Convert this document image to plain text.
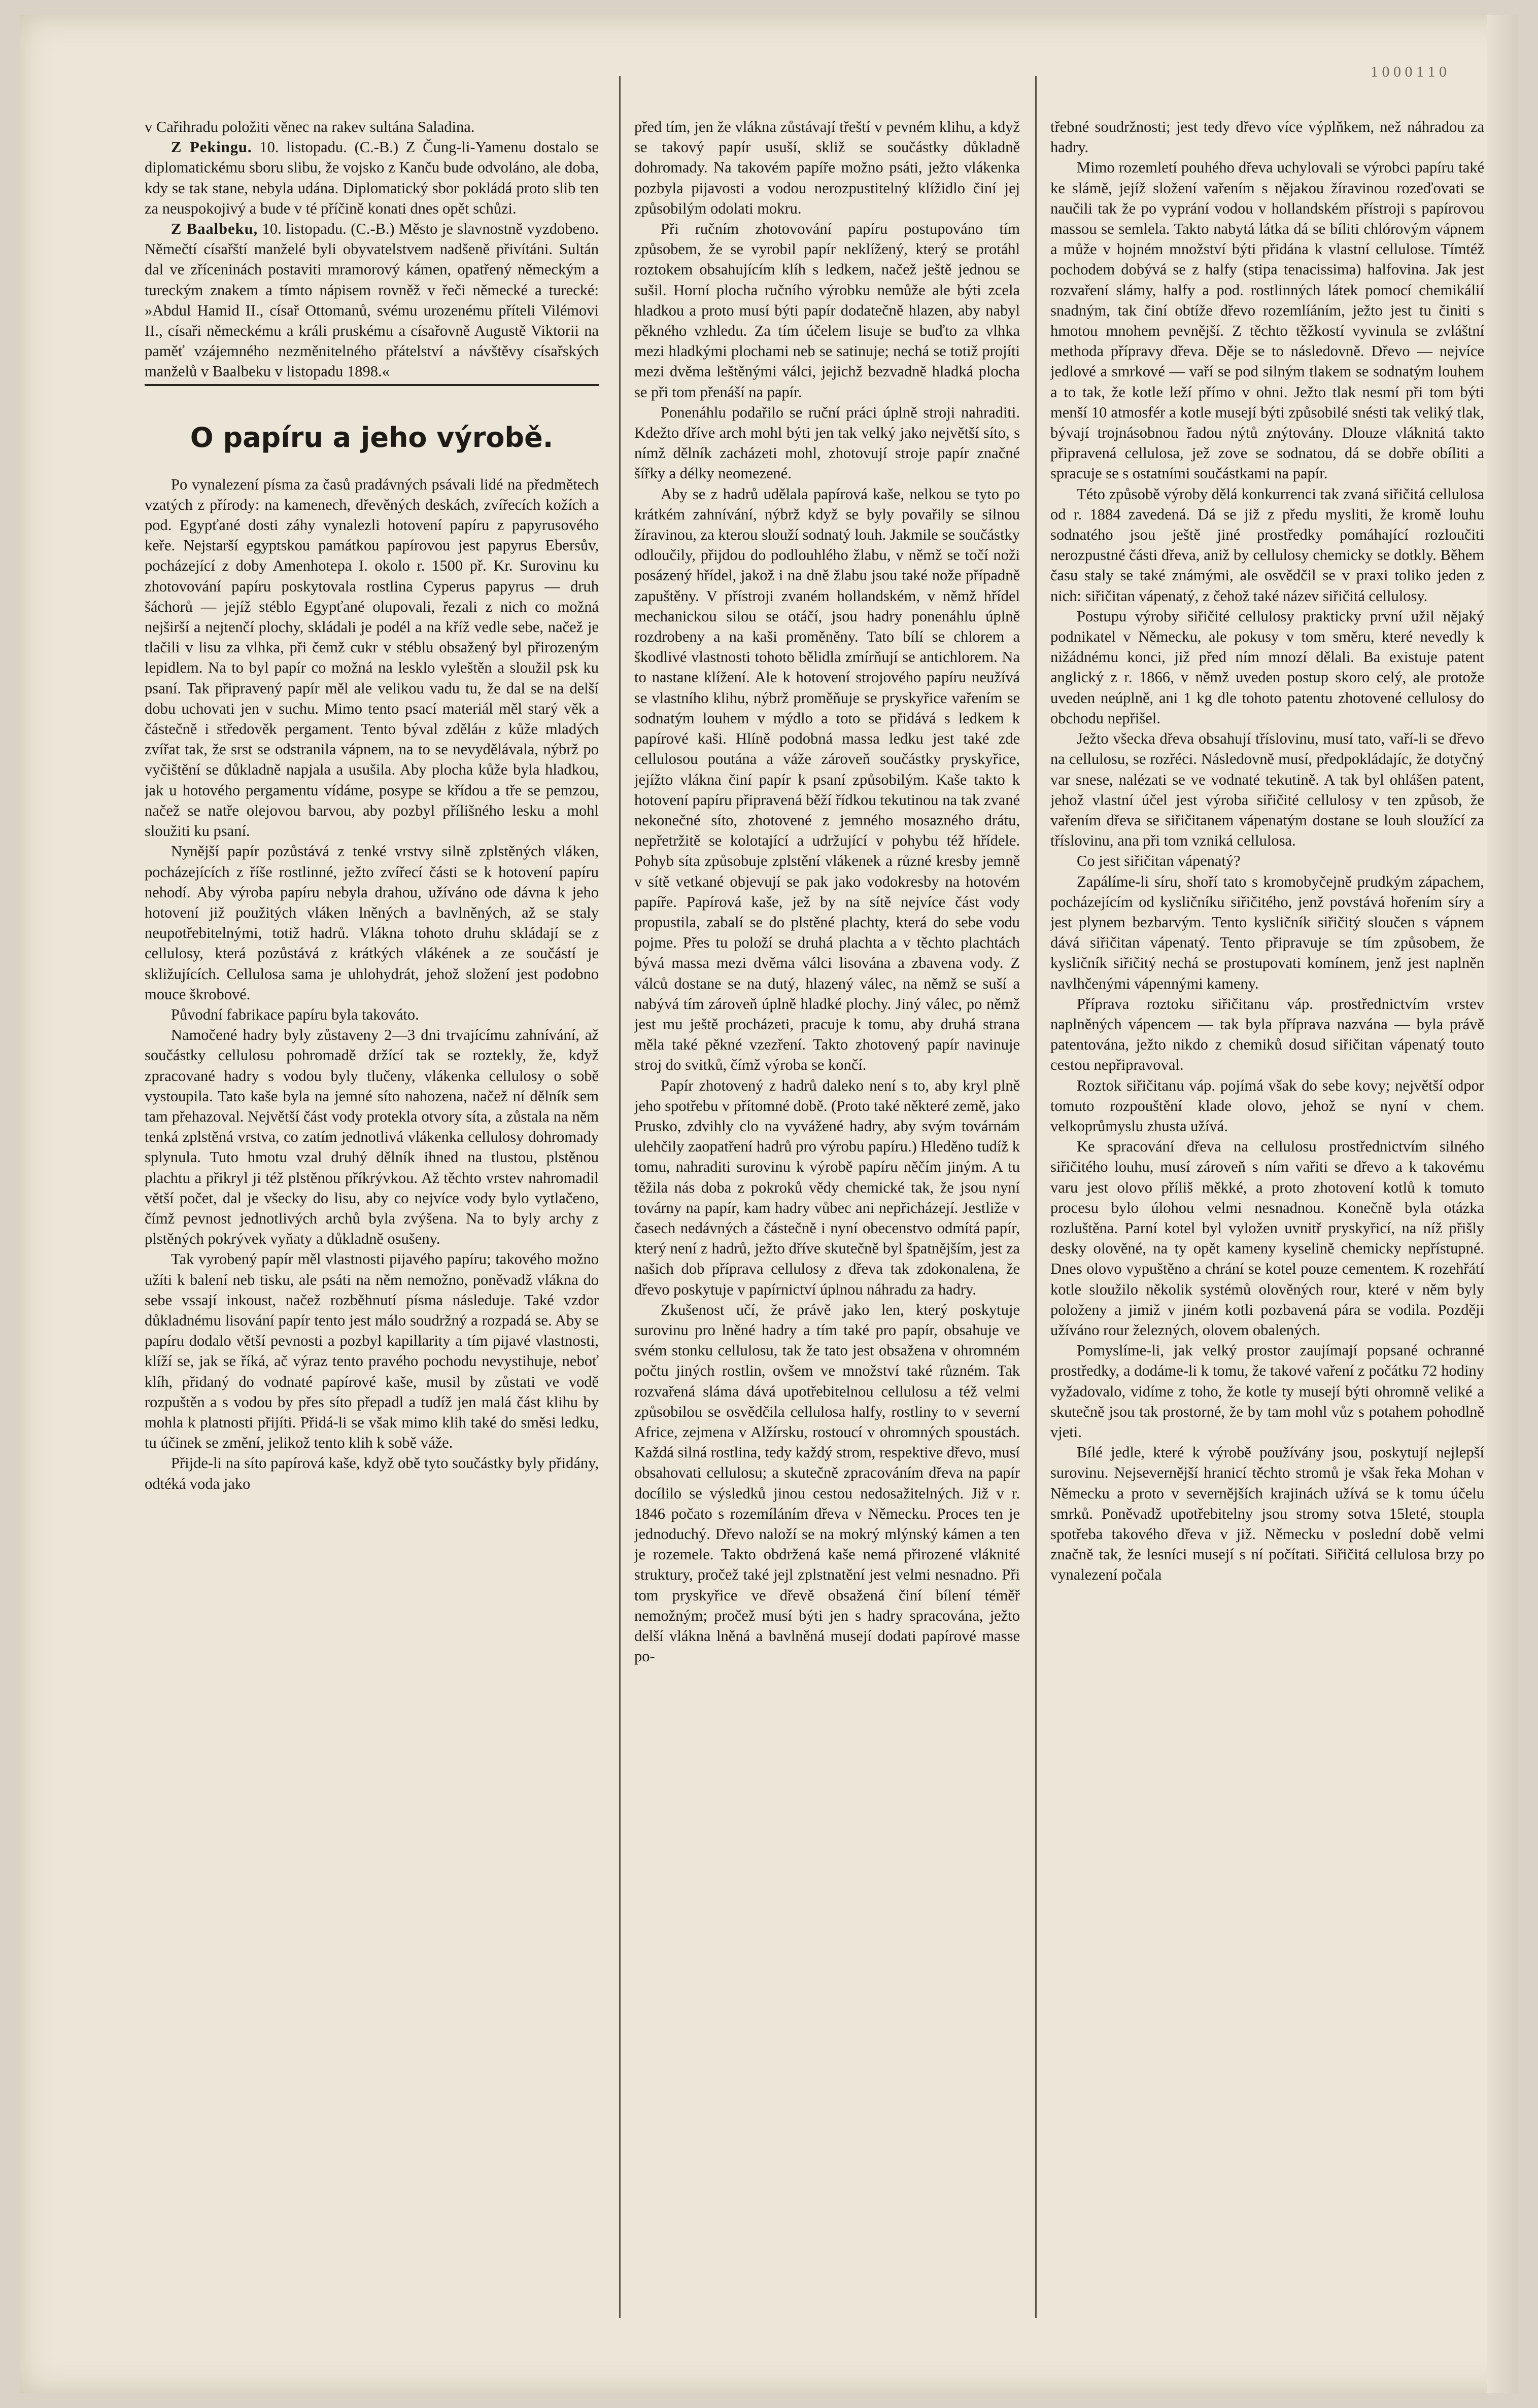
1 0 0 0 1 1 0

v Cařihradu položiti věnec na rakev sultána Saladina.

Z Pekingu. 10. listopadu. (C.-B.) Z Čung-li-Yamenu dostalo se diplomatickému sboru slibu, že vojsko z Kanču bude odvoláno, ale doba, kdy se tak stane, nebyla udána. Diplomatický sbor pokládá proto slib ten za neuspokojivý a bude v té příčině konati dnes opět schůzi.

Z Baalbeku, 10. listopadu. (C.-B.) Město je slavnostně vyzdobeno. Němečtí císařští manželé byli obyvatelstvem nadšeně přivítáni. Sultán dal ve zříceninách postaviti mramorový kámen, opatřený německým a tureckým znakem a tímto nápisem rovněž v řeči německé a turecké: »Abdul Hamid II., císař Ottomanů, svému urozenému příteli Vilémovi II., císaři německému a králi pruskému a císařovně Augustě Viktorii na paměť vzájemného nezměnitelného přátelství a návštěvy císařských manželů v Baalbeku v listopadu 1898.«

O papíru a jeho výrobě.

Po vynalezení písma za časů pradávných psávali lidé na předmětech vzatých z přírody: na kamenech, dřevěných deskách, zvířecích kožích a pod. Egypťané dosti záhy vynalezli hotovení papíru z papyrusového keře. Nejstarší egyptskou památkou papírovou jest papyrus Ebersův, pocházející z doby Amenhotepa I. okolo r. 1500 př. Kr. Surovinu ku zhotovování papíru poskytovala rostlina Cyperus papyrus — druh šáchorů — jejíž stéblo Egypťané olupovali, řezali z nich co možná nejširší a nejtenčí plochy, skládali je podél a na kříž vedle sebe, načež je tlačili v lisu za vlhka, při čemž cukr v stéblu obsažený byl přirozeným lepidlem. Na to byl papír co možná na lesklo vyleštěn a sloužil psk ku psaní. Tak připravený papír měl ale velikou vadu tu, že dal se na delší dobu uchovati jen v suchu. Mimo tento psací materiál měl starý věk a částečně i středověk pergament. Tento býval zděláн z kůže mladých zvířat tak, že srst se odstranila vápnem, na to se nevydělávala, nýbrž po vyčištění se důkladně napjala a usušila. Aby plocha kůže byla hladkou, jak u hotového pergamentu vídáme, posype se křídou a tře se pemzou, načež se natře olejovou barvou, aby pozbyl přílišného lesku a mohl sloužiti ku psaní.

Nynější papír pozůstává z tenké vrstvy silně zplstěných vláken, pocházejících z říše rostlinné, ježto zvířecí části se k hotovení papíru nehodí. Aby výroba papíru nebyla drahou, užíváno ode dávna k jeho hotovení již použitých vláken lněných a bavlněných, až se staly neupotřebitelnými, totiž hadrů. Vlákna tohoto druhu skládají se z cellulosy, která pozůstává z krátkých vlákének a ze součástí je skližujících. Cellulosa sama je uhlohydrát, jehož složení jest podobno mouce škrobové.

Původní fabrikace papíru byla takováto.

Namočené hadry byly zůstaveny 2—3 dni trvajícímu zahnívání, až součástky cellulosu pohromadě držící tak se roztekly, že, když zpracované hadry s vodou byly tlučeny, vlákenka cellulosy o sobě vystoupila. Tato kaše byla na jemné síto nahozena, načež ní dělník sem tam přehazoval. Největší část vody protekla otvory síta, a zůstala na něm tenká zplstěná vrstva, co zatím jednotlivá vlákenka cellulosy dohromady splynula. Tuto hmotu vzal druhý dělník ihned na tlustou, plstěnou plachtu a přikryl ji též plstěnou příkrývkou. Až těchto vrstev nahromadil větší počet, dal je všecky do lisu, aby co nejvíce vody bylo vytlačeno, čímž pevnost jednotlivých archů byla zvýšena. Na to byly archy z plstěných pokrývek vyňaty a důkladně osušeny.

Tak vyrobený papír měl vlastnosti pijavého papíru; takového možno užíti k balení neb tisku, ale psáti na něm nemožno, poněvadž vlákna do sebe vssají inkoust, načež rozběhnutí písma následuje. Také vzdor důkladnému lisování papír tento jest málo soudržný a rozpadá se. Aby se papíru dodalo větší pevnosti a pozbyl kapillarity a tím pijavé vlastnosti, klíží se, jak se říká, ač výraz tento pravého pochodu nevystihuje, neboť klíh, přidaný do vodnaté papírové kaše, musil by zůstati ve vodě rozpuštěn a s vodou by přes síto přepadl a tudíž jen malá část klihu by mohla k platnosti přijíti. Přidá-li se však mimo klih také do směsi ledku, tu účinek se změní, jelikož tento klih k sobě váže.

Přijde-li na síto papírová kaše, když obě tyto součástky byly přidány, odtéká voda jako

před tím, jen že vlákna zůstávají třeští v pevném klihu, a když se takový papír usuší, skliž se součástky důkladně dohromady. Na takovém papíře možno psáti, ježto vlákenka pozbyla pijavosti a vodou nerozpustitelný klížidlo činí jej způsobilým odolati mokru.

Při ručním zhotovování papíru postupováno tím způsobem, že se vyrobil papír neklížený, který se protáhl roztokem obsahujícím klíh s ledkem, načež ještě jednou se sušil. Horní plocha ručního výrobku nemůže ale býti zcela hladkou a proto musí býti papír dodatečně hlazen, aby nabyl pěkného vzhledu. Za tím účelem lisuje se buďto za vlhka mezi hladkými plochami neb se satinuje; nechá se totiž projíti mezi dvěma leštěnými válci, jejichž bezvadně hladká plocha se při tom přenáší na papír.

Ponenáhlu podařilo se ruční práci úplně stroji nahraditi. Kdežto dříve arch mohl býti jen tak velký jako největší síto, s nímž dělník zacházeti mohl, zhotovují stroje papír značné šířky a délky neomezené.

Aby se z hadrů udělala papírová kaše, nelkou se tyto po krátkém zahnívání, nýbrž když se byly povařily se silnou žíravinou, za kterou slouží sodnatý louh. Jakmile se součástky odloučily, přijdou do podlouhlého žlabu, v němž se točí noži posázený hřídel, jakož i na dně žlabu jsou také nože případně zapuštěny. V přístroji zvaném hollandském, v němž hřídel mechanickou silou se otáčí, jsou hadry ponenáhlu úplně rozdrobeny a na kaši proměněny. Tato bílí se chlorem a škodlivé vlastnosti tohoto bělidla zmírňují se antichlorem. Na to nastane klížení. Ale k hotovení strojového papíru neužívá se vlastního klihu, nýbrž proměňuje se pryskyřice vařením se sodnatým louhem v mýdlo a toto se přidává s ledkem k papírové kaši. Hlíně podobná massa ledku jest také zde cellulosou poutána a váže zároveň součástky pryskyřice, jejížto vlákna činí papír k psaní způsobilým. Kaše takto k hotovení papíru připravená běží řídkou tekutinou na tak zvané nekonečné síto, zhotovené z jemného mosazného drátu, nepřetržitě se kolotající a udržující v pohybu též hřídele. Pohyb síta způsobuje zplstění vlákenek a různé kresby jemně v sítě vetkané objevují se pak jako vodokresby na hotovém papíře. Papírová kaše, jež by na sítě nejvíce část vody propustila, zabalí se do plstěné plachty, která do sebe vodu pojme. Přes tu položí se druhá plachta a v těchto plachtách bývá massa mezi dvěma válci lisována a zbavena vody. Z válců dostane se na dutý, hlazený válec, na němž se suší a nabývá tím zároveň úplně hladké plochy. Jiný válec, po němž jest mu ještě procházeti, pracuje k tomu, aby druhá strana měla také pěkné vzezření. Takto zhotovený papír navinuje stroj do svitků, čímž výroba se končí.

Papír zhotovený z hadrů daleko není s to, aby kryl plně jeho spotřebu v přítomné době. (Proto také některé země, jako Prusko, zdvihly clo na vyvážené hadry, aby svým továrnám ulehčily zaopatření hadrů pro výrobu papíru.) Hleděno tudíž k tomu, nahraditi surovinu k výrobě papíru něčím jiným. A tu těžila nás doba z pokroků vědy chemické tak, že jsou nyní továrny na papír, kam hadry vůbec ani nepřicházejí. Jestliže v časech nedávných a částečně i nyní obecenstvo odmítá papír, který není z hadrů, ježto dříve skutečně byl špatnějším, jest za našich dob příprava cellulosy z dřeva tak zdokonalena, že dřevo poskytuje v papírnictví úplnou náhradu za hadry.

Zkušenost učí, že právě jako len, který poskytuje surovinu pro lněné hadry a tím také pro papír, obsahuje ve svém stonku cellulosu, tak že tato jest obsažena v ohromném počtu jiných rostlin, ovšem ve množství také různém. Tak rozvařená sláma dává upotřebitelnou cellulosu a též velmi způsobilou se osvědčila cellulosa halfy, rostliny to v severní Africe, zejmena v Alžírsku, rostoucí v ohromných spoustách. Každá silná rostlina, tedy každý strom, respektive dřevo, musí obsahovati cellulosu; a skutečně zpracováním dřeva na papír docílilo se výsledků jinou cestou nedosažitelných. Již v r. 1846 počato s rozemíláním dřeva v Německu. Proces ten je jednoduchý. Dřevo naloží se na mokrý mlýnský kámen a ten je rozemele. Takto obdržená kaše nemá přirozené vláknité struktury, pročež také jejl zplstnatění jest velmi nesnadno. Při tom pryskyřice ve dřevě obsažená činí bílení téměř nemožným; pročež musí býti jen s hadry spracována, ježto delší vlákna lněná a bavlněná musejí dodati papírové masse po-

třebné soudržnosti; jest tedy dřevo více výplňkem, než náhradou za hadry.

Mimo rozemletí pouhého dřeva uchylovali se výrobci papíru také ke slámě, jejíž složení vařením s nějakou žíravinou rozeďovati se naučili tak že po vyprání vodou v hollandském přístroji s papírovou massou se semlela. Takto nabytá látka dá se bíliti chlórovým vápnem a může v hojném množství býti přidána k vlastní cellulose. Tímtéž pochodem dobývá se z halfy (stipa tenacissima) halfovina. Jak jest rozvaření slámy, halfy a pod. rostlinných látek pomocí chemikálií snadným, tak činí obtíže dřevo rozemlíáním, ježto jest tu činiti s hmotou mnohem pevnější. Z těchto těžkostí vyvinula se zvláštní methoda přípravy dřeva. Děje se to následovně. Dřevo — nejvíce jedlové a smrkové — vaří se pod silným tlakem se sodnatým louhem a to tak, že kotle leží přímo v ohni. Ježto tlak nesmí při tom býti menší 10 atmosfér a kotle musejí býti způsobilé snésti tak veliký tlak, bývají trojnásobnou řadou nýtů znýtovány. Dlouze vláknitá takto připravená cellulosa, jež zove se sodnatou, dá se dobře obíliti a spracuje se s ostatními součástkami na papír.

Této způsobě výroby dělá konkurrenci tak zvaná siřičitá cellulosa od r. 1884 zavedená. Dá se již z předu mysliti, že kromě louhu sodnatého jsou ještě jiné prostředky pomáhající rozloučiti nerozpustné části dřeva, aniž by cellulosy chemicky se dotkly. Během času staly se také známými, ale osvědčil se v praxi toliko jeden z nich: siřičitan vápenatý, z čehož také název siřičitá cellulosy.

Postupu výroby siřičité cellulosy prakticky první užil nějaký podnikatel v Německu, ale pokusy v tom směru, které nevedly k nižádnému konci, již před ním mnozí dělali. Ba existuje patent anglický z r. 1866, v němž uveden postup skoro celý, ale protože uveden neúplně, ani 1 kg dle tohoto patentu zhotovené cellulosy do obchodu nepřišel.

Ježto všecka dřeva obsahují tříslovinu, musí tato, vaří-li se dřevo na cellulosu, se rozřéci. Následovně musí, předpokládajíc, že dotyčný var snese, nalézati se ve vodnaté tekutině. A tak byl ohlášen patent, jehož vlastní účel jest výroba siřičité cellulosy v ten způsob, že vařením dřeva se siřičitanem vápenatým dostane se louh sloužící za tříslovinu, ana při tom vzniká cellulosa.

Co jest siřičitan vápenatý?

Zapálíme-li síru, shoří tato s kromobyčejně prudkým zápachem, pocházejícím od kysličníku siřičitého, jenž povstává hořením síry a jest plynem bezbarvým. Tento kysličník siřičitý sloučen s vápnem dává siřičitan vápenatý. Tento připravuje se tím způsobem, že kysličník siřičitý nechá se prostupovati komínem, jenž jest naplněn navlhčenými vápennými kameny.

Příprava roztoku siřičitanu váp. prostřednictvím vrstev naplněných vápencem — tak byla příprava nazvána — byla právě patentována, ježto nikdo z chemiků dosud siřičitan vápenatý touto cestou nepřipravoval.

Roztok siřičitanu váp. pojímá však do sebe kovy; největší odpor tomuto rozpouštění klade olovo, jehož se nyní v chem. velkoprůmyslu zhusta užívá.

Ke spracování dřeva na cellulosu prostřednictvím silného siřičitého louhu, musí zároveň s ním vařiti se dřevo a k takovému varu jest olovo příliš měkké, a proto zhotovení kotlů k tomuto procesu bylo úlohou velmi nesnadnou. Konečně byla otázka rozluštěna. Parní kotel byl vyložen uvnitř pryskyřicí, na níž přišly desky olověné, na ty opět kameny kyselině chemicky nepřístupné. Dnes olovo vypuštěno a chrání se kotel pouze cementem. K rozehřátí kotle sloužilo několik systémů olověných rour, které v něm byly položeny a jimiž v jiném kotli pozbavená pára se vodila. Později užíváno rour železných, olovem obalených.

Pomyslíme-li, jak velký prostor zaujímají popsané ochranné prostředky, a dodáme-li k tomu, že takové vaření z počátku 72 hodiny vyžadovalo, vidíme z toho, že kotle ty musejí býti ohromně veliké a skutečně jsou tak prostorné, že by tam mohl vůz s potahem pohodlně vjeti.

Bílé jedle, které k výrobě používány jsou, poskytují nejlepší surovinu. Nejsevernější hranicí těchto stromů je však řeka Mohan v Německu a proto v severnějších krajinách užívá se k tomu účelu smrků. Poněvadž upotřebitelny jsou stromy sotva 15leté, stoupla spotřeba takového dřeva v již. Německu v poslední době velmi značně tak, že lesníci musejí s ní počítati. Siřičitá cellulosa brzy po vynalezení počala
